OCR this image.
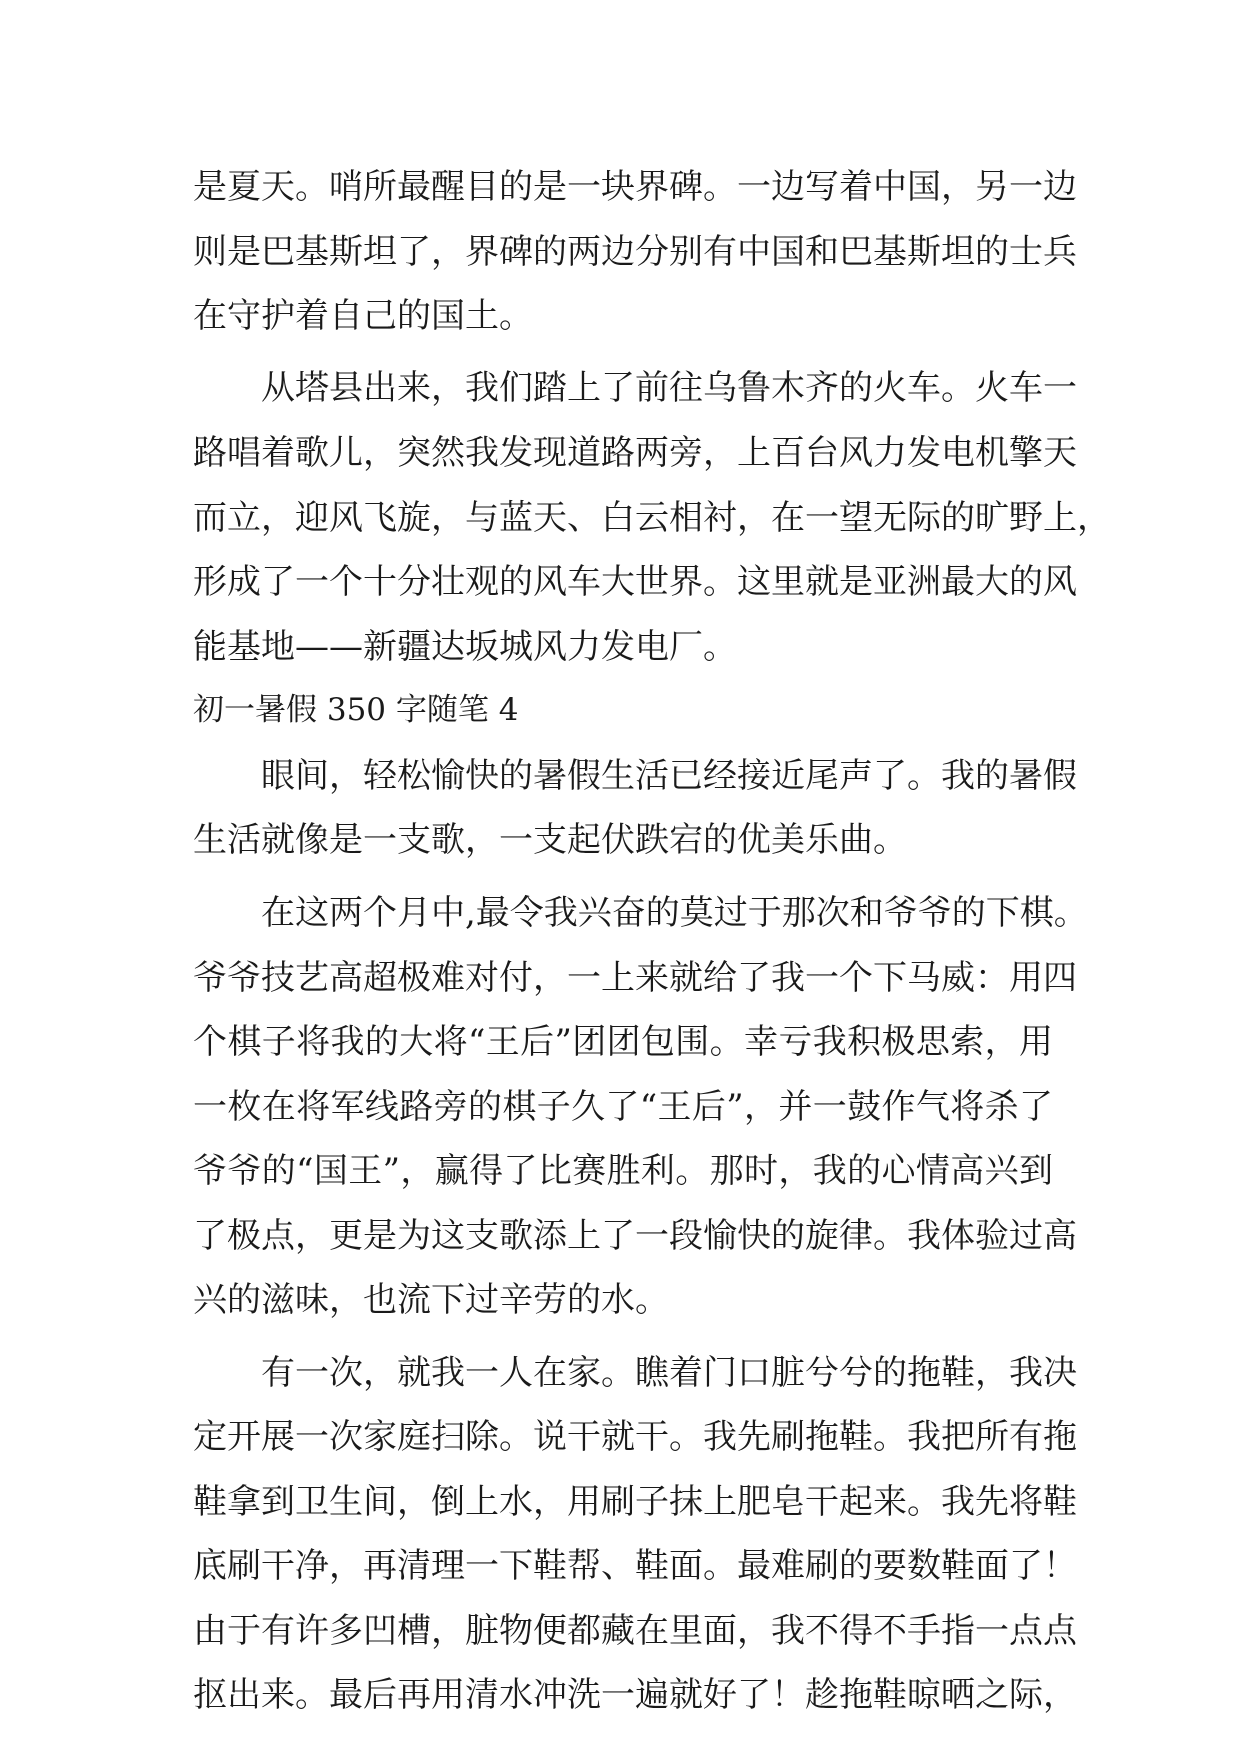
是夏天。哨所最醒目的是一块界碑。一边写着中国，另一边
则是巴基斯坦了，界碑的两边分别有中国和巴基斯坦的士兵
在守护着自己的国土。
从塔县出来，我们踏上了前往乌鲁木齐的火车。火车一
路唱着歌儿，突然我发现道路两旁，上百台风力发电机擎天
而立，迎风飞旋，与蓝天、白云相衬，在一望无际的旷野上，
形成了一个十分壮观的风车大世界。这里就是亚洲最大的风
能基地——新疆达坂城风力发电厂。
初一暑假 350 字随笔 4
眼间，轻松愉快的暑假生活已经接近尾声了。我的暑假
生活就像是一支歌，一支起伏跌宕的优美乐曲。
在这两个月中,最令我兴奋的莫过于那次和爷爷的下棋。
爷爷技艺高超极难对付，一上来就给了我一个下马威：用四
个棋子将我的大将“王后”团团包围。幸亏我积极思索，用
一枚在将军线路旁的棋子久了“王后”，并一鼓作气将杀了
爷爷的“国王”，赢得了比赛胜利。那时，我的心情高兴到
了极点，更是为这支歌添上了一段愉快的旋律。我体验过高
兴的滋味，也流下过辛劳的水。
有一次，就我一人在家。瞧着门口脏兮兮的拖鞋，我决
定开展一次家庭扫除。说干就干。我先刷拖鞋。我把所有拖
鞋拿到卫生间，倒上水，用刷子抹上肥皂干起来。我先将鞋
底刷干净，再清理一下鞋帮、鞋面。最难刷的要数鞋面了！
由于有许多凹槽，脏物便都藏在里面，我不得不手指一点点
抠出来。最后再用清水冲洗一遍就好了！趁拖鞋晾晒之际，
